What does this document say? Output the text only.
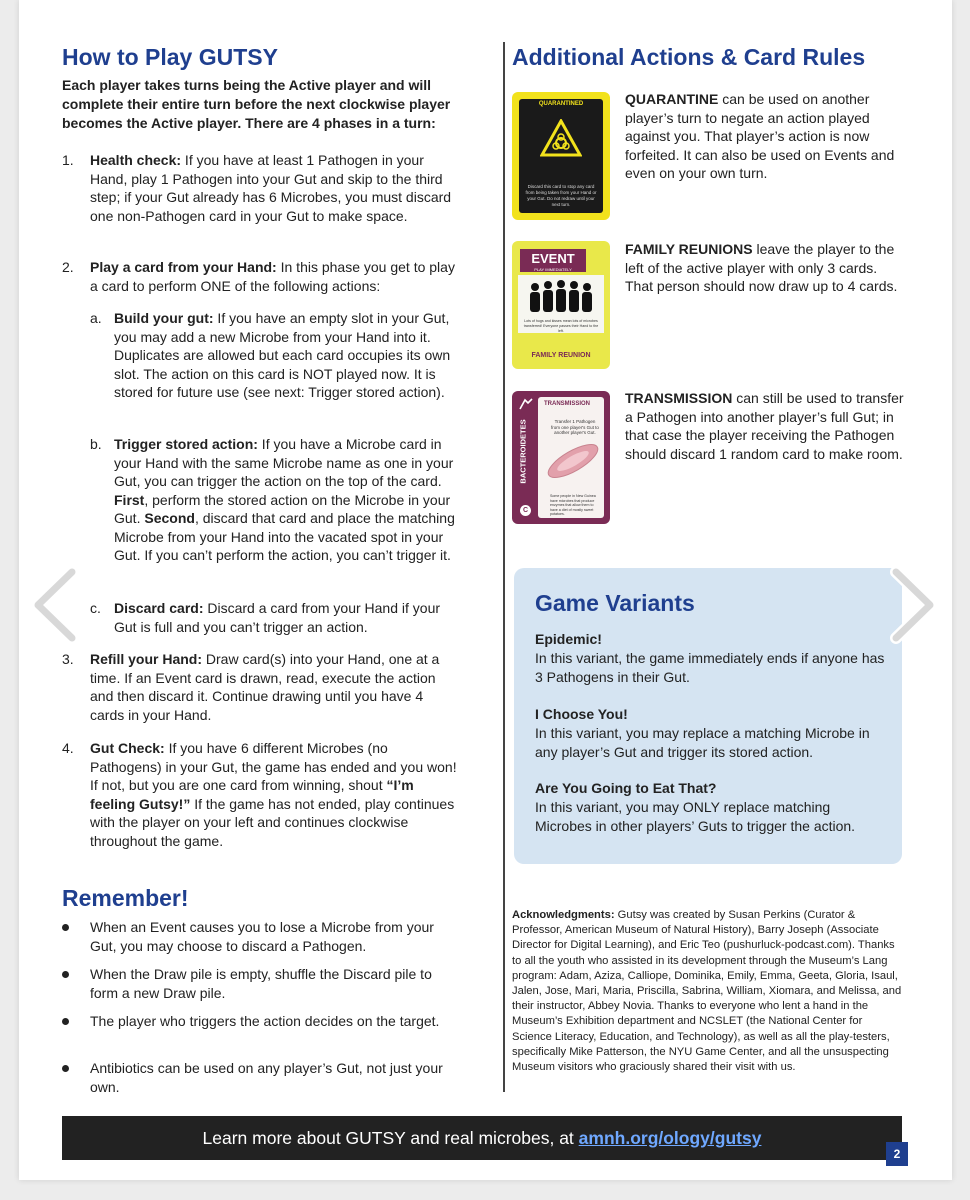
How to Play GUTSY
Each player takes turns being the Active player and will complete their entire turn before the next clockwise player becomes the Active player. There are 4 phases in a turn:
1. Health check: If you have at least 1 Pathogen in your Hand, play 1 Pathogen into your Gut and skip to the third step; if your Gut already has 6 Microbes, you must discard one non-Pathogen card in your Gut to make space.
2. Play a card from your Hand: In this phase you get to play a card to perform ONE of the following actions:
a. Build your gut: If you have an empty slot in your Gut, you may add a new Microbe from your Hand into it. Duplicates are allowed but each card occupies its own slot. The action on this card is NOT played now. It is stored for future use (see next: Trigger stored action).
b. Trigger stored action: If you have a Microbe card in your Hand with the same Microbe name as one in your Gut, you can trigger the action on the top of the card. First, perform the stored action on the Microbe in your Gut. Second, discard that card and place the matching Microbe from your Hand into the vacated spot in your Gut. If you can’t perform the action, you can’t trigger it.
c. Discard card: Discard a card from your Hand if your Gut is full and you can’t trigger an action.
3. Refill your Hand: Draw card(s) into your Hand, one at a time. If an Event card is drawn, read, execute the action and then discard it. Continue drawing until you have 4 cards in your Hand.
4. Gut Check: If you have 6 different Microbes (no Pathogens) in your Gut, the game has ended and you won! If not, but you are one card from winning, shout “I’m feeling Gutsy!” If the game has not ended, play continues with the player on your left and continues clockwise throughout the game.
Remember!
When an Event causes you to lose a Microbe from your Gut, you may choose to discard a Pathogen.
When the Draw pile is empty, shuffle the Discard pile to form a new Draw pile.
The player who triggers the action decides on the target.
Antibiotics can be used on any player’s Gut, not just your own.
Additional Actions & Card Rules
QUARANTINED
Discard this card to stop any card from being taken from your Hand or your Gut. Do not redraw until your next turn.
QUARANTINE can be used on another player’s turn to negate an action played against you. That player’s action is now forfeited. It can also be used on Events and even on your own turn.
EVENT
PLAY IMMEDIATELY
Lots of hugs and kisses mean lots of microbes transferred! Everyone passes their Hand to the left.
FAMILY REUNION
FAMILY REUNIONS leave the player to the left of the active player with only 3 cards. That person should now draw up to 4 cards.
TRANSMISSION
BACTEROIDETES	Transfer 1 Pathogen from one player's Gut to another player's Gut.
Some people in New Guinea have microbes that produce enzymes that allow them to have a diet of mostly sweet potatoes.
C
TRANSMISSION can still be used to transfer a Pathogen into another player’s full Gut; in that case the player receiving the Pathogen should discard 1 random card to make room.
Game Variants
Epidemic!
In this variant, the game immediately ends if anyone has 3 Pathogens in their Gut.
I Choose You!
In this variant, you may replace a matching Microbe in any player’s Gut and trigger its stored action.
Are You Going to Eat That?
In this variant, you may ONLY replace matching Microbes in other players’ Guts to trigger the action.
Acknowledgments: Gutsy was created by Susan Perkins (Curator & Professor, American Museum of Natural History), Barry Joseph (Associate Director for Digital Learning), and Eric Teo (pushurluck-podcast.com). Thanks to all the youth who assisted in its development through the Museum’s Lang program: Adam, Aziza, Calliope, Dominika, Emily, Emma, Geeta, Gloria, Isaul, Jalen, Jose, Mari, Maria, Priscilla, Sabrina, William, Xiomara, and Melissa, and their instructor, Abbey Novia. Thanks to everyone who lent a hand in the Museum’s Exhibition department and NCSLET (the National Center for Science Literacy, Education, and Technology), as well as all the play-testers, specifically Mike Patterson, the NYU Game Center, and all the unsuspecting Museum visitors who graciously shared their visit with us.
Learn more about GUTSY and real microbes, at amnh.org/ology/gutsy
2
